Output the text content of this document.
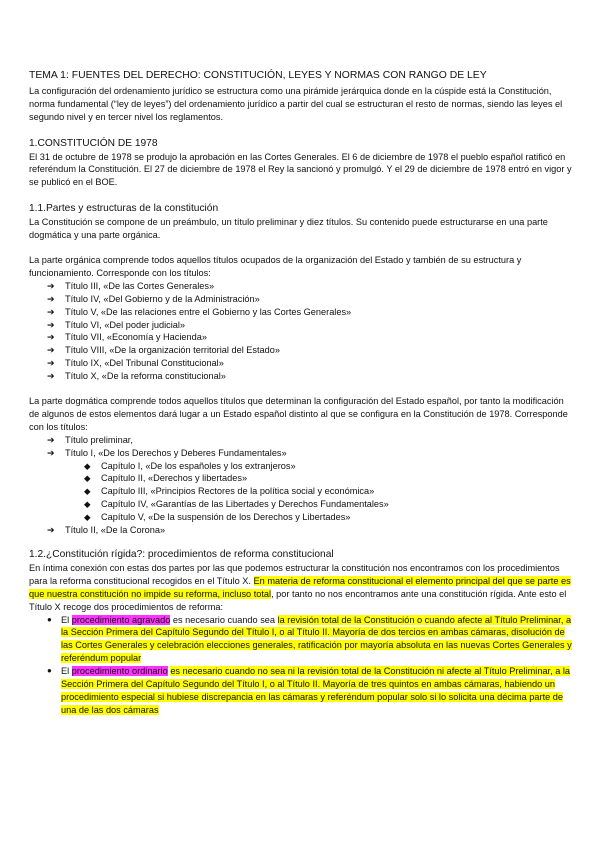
TEMA 1: FUENTES DEL DERECHO: CONSTITUCIÓN, LEYES Y NORMAS CON RANGO DE LEY

La configuración del ordenamiento jurídico se estructura como una pirámide jerárquica donde en la cúspide está la Constitución, norma fundamental (“ley de leyes”) del ordenamiento jurídico a partir del cual se estructuran el resto de normas, siendo las leyes el segundo nivel y en tercer nivel los reglamentos.

1.CONSTITUCIÓN DE 1978

El 31 de octubre de 1978 se produjo la aprobación en las Cortes Generales. El 6 de diciembre de 1978 el pueblo español ratificó en referéndum la Constitución. El 27 de diciembre de 1978 el Rey la sancionó y promulgó. Y el 29 de diciembre de 1978 entró en vigor y se publicó en el BOE.

1.1.Partes y estructuras de la constitución

La Constitución se compone de un preámbulo, un título preliminar y diez títulos. Su contenido puede estructurarse en una parte dogmática y una parte orgánica.

La parte orgánica comprende todos aquellos títulos ocupados de la organización del Estado y también de su estructura y funcionamiento. Corresponde con los títulos:

➔ Título III, «De las Cortes Generales»
➔ Título IV, «Del Gobierno y de la Administración»
➔ Título V, «De las relaciones entre el Gobierno y las Cortes Generales»
➔ Título VI, «Del poder judicial»
➔ Título VII, «Economía y Hacienda»
➔ Título VIII, «De la organización territorial del Estado»
➔ Título IX, «Del Tribunal Constitucional»
➔ Título X, «De la reforma constitucional»

La parte dogmática comprende todos aquellos títulos que determinan la configuración del Estado español, por tanto la modificación de algunos de estos elementos dará lugar a un Estado español distinto al que se configura en la Constitución de 1978. Corresponde con los títulos:

➔ Título preliminar,
➔ Título I, «De los Derechos y Deberes Fundamentales»
◆ Capítulo I, «De los españoles y los extranjeros»
◆ Capítulo II, «Derechos y libertades»
◆ Capítulo III, «Principios Rectores de la política social y económica»
◆ Capítulo IV, «Garantías de las Libertades y Derechos Fundamentales»
◆ Capítulo V, «De la suspensión de los Derechos y Libertades»
➔ Título II, «De la Corona»

1.2.¿Constitución rígida?: procedimientos de reforma constitucional

En íntima conexión con estas dos partes por las que podemos estructurar la constitución nos encontramos con los procedimientos para la reforma constitucional recogidos en el Título X. En materia de reforma constitucional el elemento principal del que se parte es que nuestra constitución no impide su reforma, incluso total, por tanto no nos encontramos ante una constitución rígida. Ante esto el Título X recoge dos procedimientos de reforma:

● El procedimiento agravado es necesario cuando sea la revisión total de la Constitución o cuando afecte al Título Preliminar, a la Sección Primera del Capítulo Segundo del Título I, o al Título II. Mayoría de dos tercios en ambas cámaras, disolución de las Cortes Generales y celebración elecciones generales, ratificación por mayoría absoluta en las nuevas Cortes Generales y referéndum popular
● El procedimiento ordinario es necesario cuando no sea ni la revisión total de la Constitución ni afecte al Título Preliminar, a la Sección Primera del Capítulo Segundo del Título I, o al Título II. Mayoría de tres quintos en ambas cámaras, habiendo un procedimiento especial si hubiese discrepancia en las cámaras y referéndum popular solo si lo solicita una décima parte de una de las dos cámaras
